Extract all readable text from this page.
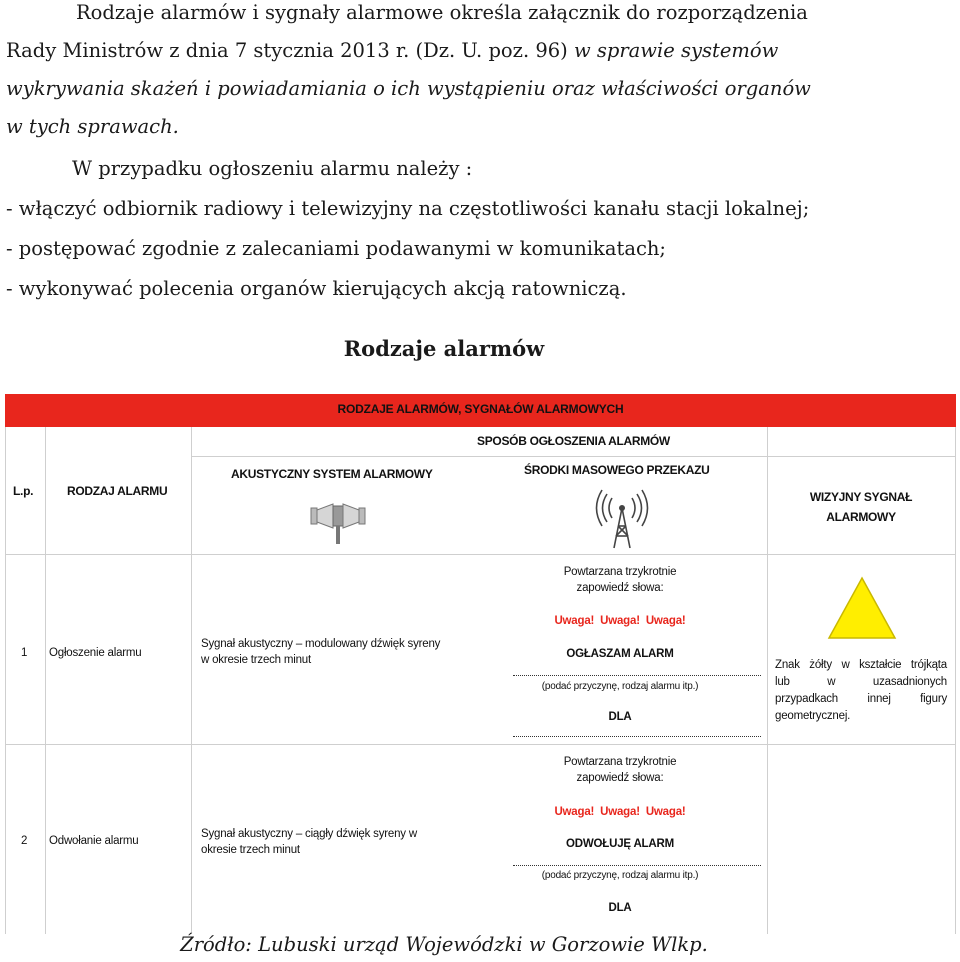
Rodzaje alarmów i sygnały alarmowe określa załącznik do rozporządzenia
Rady Ministrów z dnia 7 stycznia 2013 r. (Dz. U. poz. 96) w sprawie systemów
wykrywania skażeń i powiadamiania o ich wystąpieniu oraz właściwości organów
w tych sprawach.
W przypadku ogłoszeniu alarmu należy :
- włączyć odbiornik radiowy i telewizyjny na częstotliwości kanału stacji lokalnej;
- postępować zgodnie z zalecaniami podawanymi w komunikatach;
- wykonywać polecenia organów kierujących akcją ratowniczą.
Rodzaje alarmów
RODZAJE ALARMÓW, SYGNAŁÓW ALARMOWYCH
SPOSÓB OGŁOSZENIA ALARMÓW
L.p.	RODZAJ ALARMU
AKUSTYCZNY SYSTEM ALARMOWY	ŚRODKI MASOWEGO PRZEKAZU
WIZYJNY SYGNAŁ
ALARMOWY
1 Ogłoszenie alarmu
Sygnał akustyczny – modulowany dźwięk syreny
w okresie trzech minut
Powtarzana trzykrotnie
zapowiedź słowa:
Uwaga!  Uwaga!  Uwaga!
OGŁASZAM ALARM
(podać przyczynę, rodzaj alarmu itp.)
DLA
Znak żółty w kształcie trójkąta
lub w uzasadnionych
przypadkach innej figury
geometrycznej.
2 Odwołanie alarmu
Sygnał akustyczny – ciągły dźwięk syreny w
okresie trzech minut
Powtarzana trzykrotnie
zapowiedź słowa:
Uwaga!  Uwaga!  Uwaga!
ODWOŁUJĘ ALARM
(podać przyczynę, rodzaj alarmu itp.)
DLA
Źródło: Lubuski urząd Wojewódzki w Gorzowie Wlkp.
